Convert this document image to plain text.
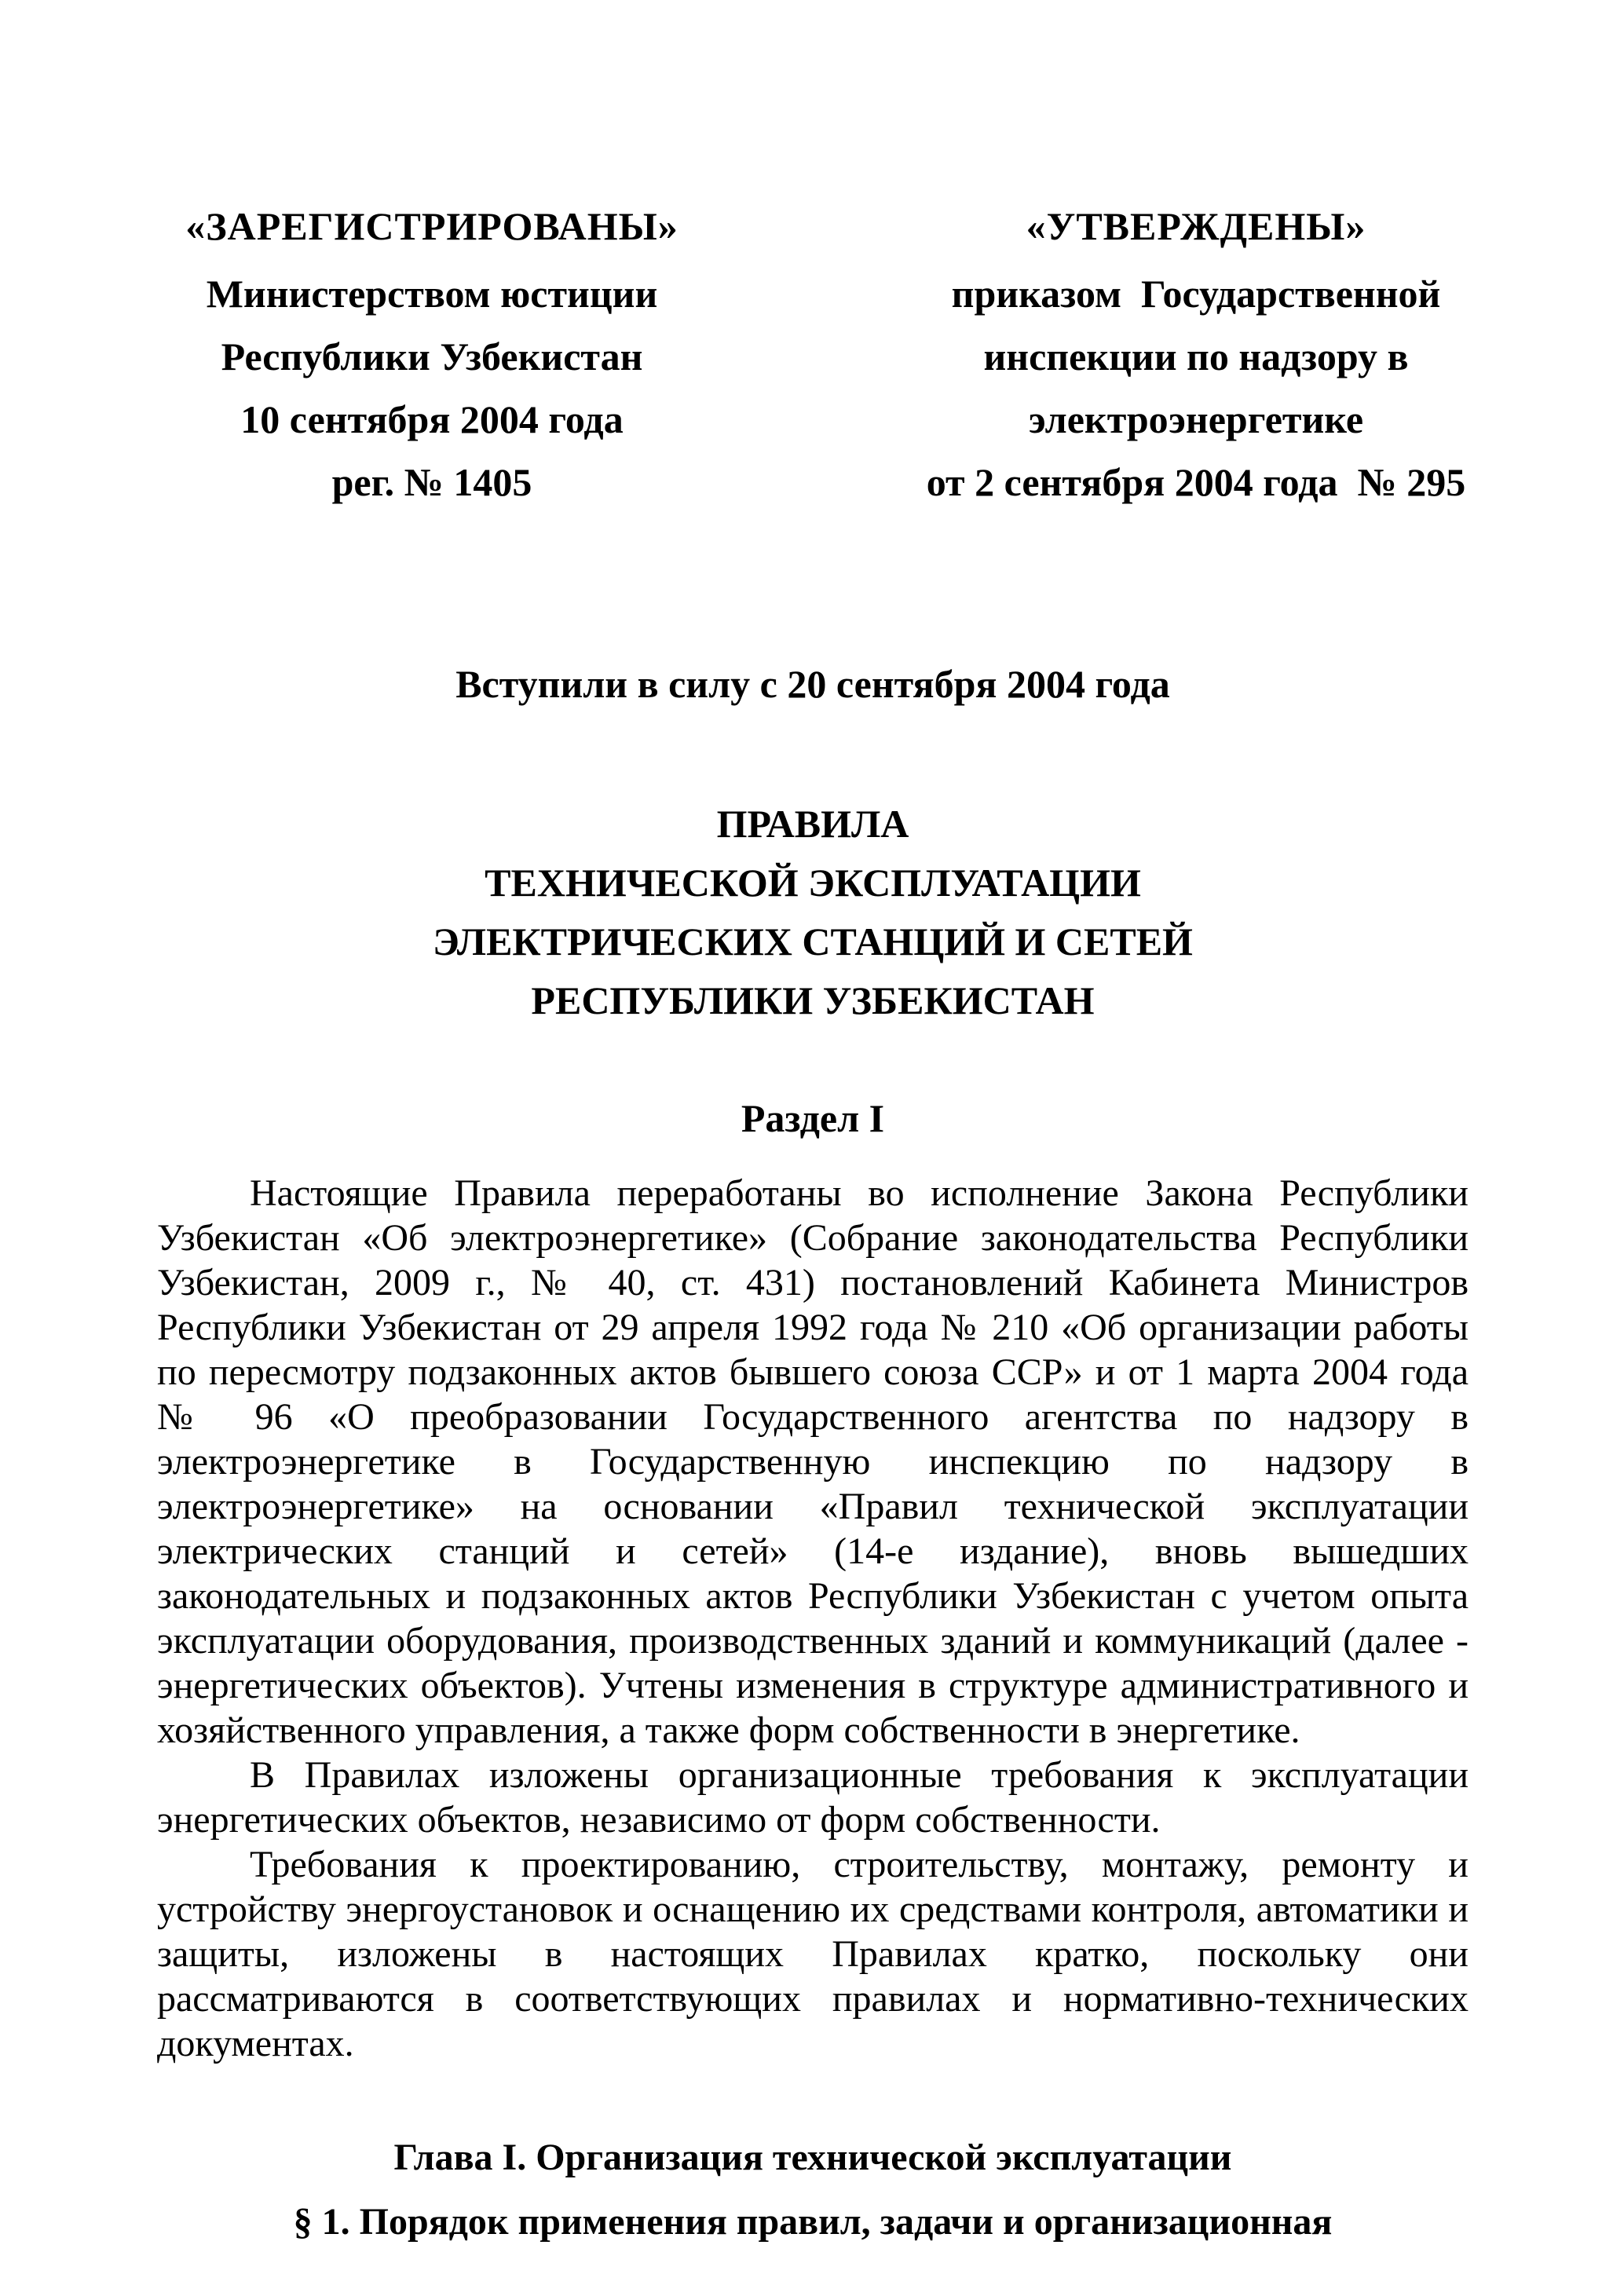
«ЗАРЕГИСТРИРОВАНЫ»
Министерством юстиции
Республики Узбекистан
10 сентября 2004 года
рег. № 1405
«УТВЕРЖДЕНЫ»
приказом  Государственной
инспекции по надзору в
электроэнергетике
от 2 сентября 2004 года  № 295
Вступили в силу с 20 сентября 2004 года
ПРАВИЛА
ТЕХНИЧЕСКОЙ ЭКСПЛУАТАЦИИ
ЭЛЕКТРИЧЕСКИХ СТАНЦИЙ И СЕТЕЙ
РЕСПУБЛИКИ УЗБЕКИСТАН
Раздел I

Настоящие Правила переработаны во исполнение Закона Республики Узбекистан «Об электроэнергетике» (Собрание законодательства Республики Узбекистан, 2009 г., № 40, ст. 431) постановлений Кабинета Министров Республики Узбекистан от 29 апреля 1992 года № 210 «Об организации работы по пересмотру подзаконных актов бывшего союза ССР» и от 1 марта 2004 года № 96 «О преобразовании Государственного агентства по надзору в электроэнергетике в Государственную инспекцию по надзору в электроэнергетике» на основании «Правил технической эксплуатации электрических станций и сетей» (14-е издание), вновь вышедших законодательных и подзаконных актов Республики Узбекистан с учетом опыта эксплуатации оборудования, производственных зданий и коммуникаций (далее - энергетических объектов). Учтены изменения в структуре административного и хозяйственного управления, а также форм собственности в энергетике.

В Правилах изложены организационные требования к эксплуатации энергетических объектов, независимо от форм собственности.

Требования к проектированию, строительству, монтажу, ремонту и устройству энергоустановок и оснащению их средствами контроля, автоматики и защиты, изложены в настоящих Правилах кратко, поскольку они рассматриваются в соответствующих правилах и нормативно-технических документах.

Глава I. Организация технической эксплуатации
§ 1. Порядок применения правил, задачи и организационная
